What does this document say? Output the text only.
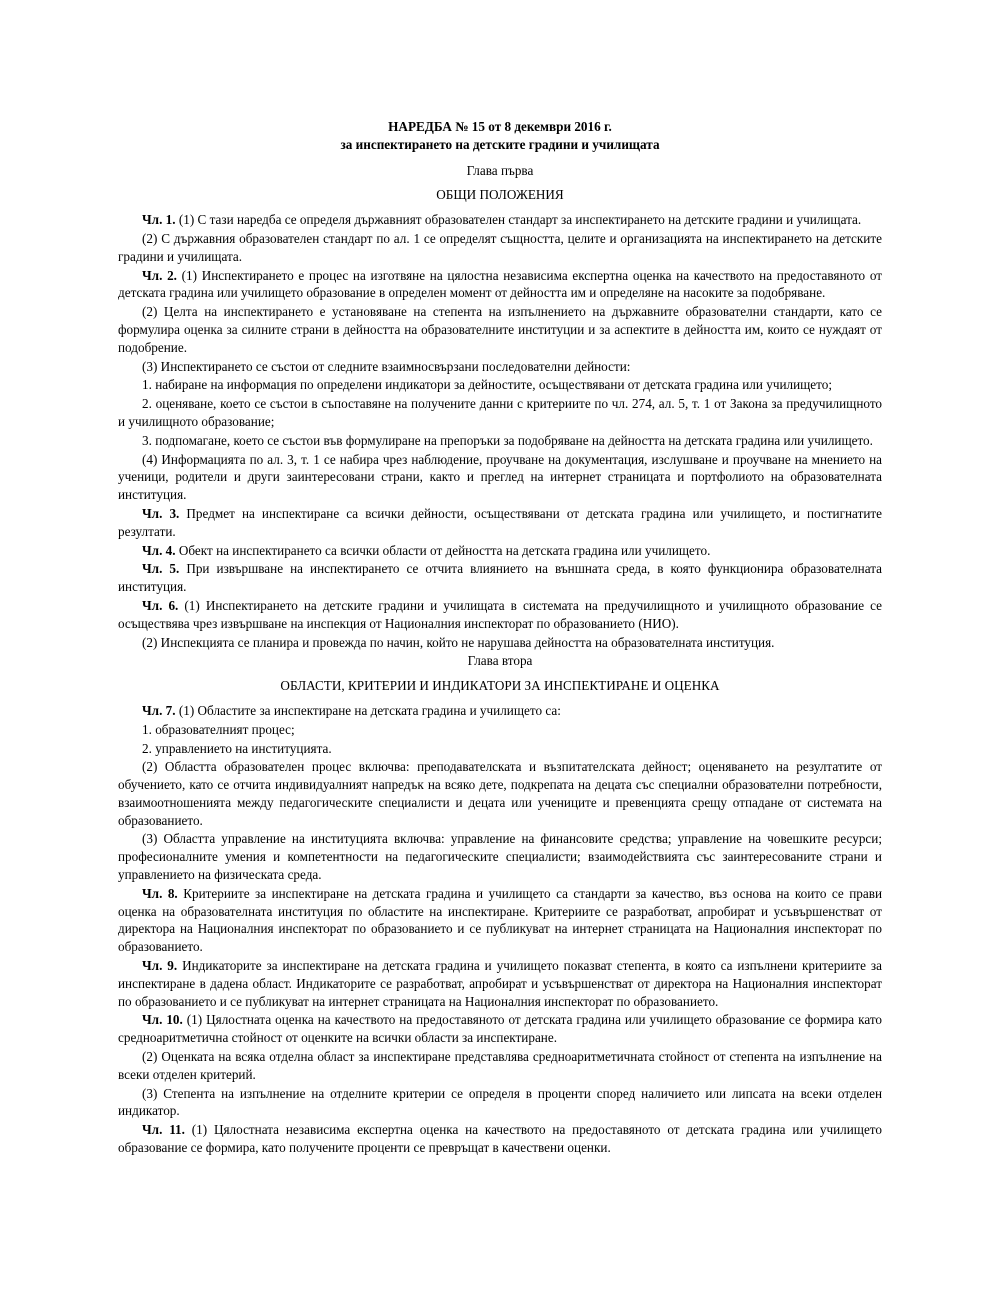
НАРЕДБА № 15 от 8 декември 2016 г.

за инспектирането на детските градини и училищата

Глава първа

ОБЩИ ПОЛОЖЕНИЯ

Чл. 1. (1) С тази наредба се определя държавният образователен стандарт за инспектирането на детските градини и училищата.

(2) С държавния образователен стандарт по ал. 1 се определят същността, целите и организацията на инспектирането на детските градини и училищата.

Чл. 2. (1) Инспектирането е процес на изготвяне на цялостна независима експертна оценка на качеството на предоставяното от детската градина или училището образование в определен момент от дейността им и определяне на насоките за подобряване.

(2) Целта на инспектирането е установяване на степента на изпълнението на държавните образователни стандарти, като се формулира оценка за силните страни в дейността на образователните институции и за аспектите в дейността им, които се нуждаят от подобрение.

(3) Инспектирането се състои от следните взаимносвързани последователни дейности:

1. набиране на информация по определени индикатори за дейностите, осъществявани от детската градина или училището;

2. оценяване, което се състои в съпоставяне на получените данни с критериите по чл. 274, ал. 5, т. 1 от Закона за предучилищното и училищното образование;

3. подпомагане, което се състои във формулиране на препоръки за подобряване на дейността на детската градина или училището.

(4) Информацията по ал. 3, т. 1 се набира чрез наблюдение, проучване на документация, изслушване и проучване на мнението на ученици, родители и други заинтересовани страни, както и преглед на интернет страницата и портфолиото на образователната институция.

Чл. 3. Предмет на инспектиране са всички дейности, осъществявани от детската градина или училището, и постигнатите резултати.

Чл. 4. Обект на инспектирането са всички области от дейността на детската градина или училището.

Чл. 5. При извършване на инспектирането се отчита влиянието на външната среда, в която функционира образователната институция.

Чл. 6. (1) Инспектирането на детските градини и училищата в системата на предучилищното и училищното образование се осъществява чрез извършване на инспекция от Националния инспекторат по образованието (НИО).

(2) Инспекцията се планира и провежда по начин, който не нарушава дейността на образователната институция.

Глава втора

ОБЛАСТИ, КРИТЕРИИ И ИНДИКАТОРИ ЗА ИНСПЕКТИРАНЕ И ОЦЕНКА

Чл. 7. (1) Областите за инспектиране на детската градина и училището са:

1. образователният процес;

2. управлението на институцията.

(2) Областта образователен процес включва: преподавателската и възпитателската дейност; оценяването на резултатите от обучението, като се отчита индивидуалният напредък на всяко дете, подкрепата на децата със специални образователни потребности, взаимоотношенията между педагогическите специалисти и децата или учениците и превенцията срещу отпадане от системата на образованието.

(3) Областта управление на институцията включва: управление на финансовите средства; управление на човешките ресурси; професионалните умения и компетентности на педагогическите специалисти; взаимодействията със заинтересованите страни и управлението на физическата среда.

Чл. 8. Критериите за инспектиране на детската градина и училището са стандарти за качество, въз основа на които се прави оценка на образователната институция по областите на инспектиране. Критериите се разработват, апробират и усъвършенстват от директора на Националния инспекторат по образованието и се публикуват на интернет страницата на Националния инспекторат по образованието.

Чл. 9. Индикаторите за инспектиране на детската градина и училището показват степента, в която са изпълнени критериите за инспектиране в дадена област. Индикаторите се разработват, апробират и усъвършенстват от директора на Националния инспекторат по образованието и се публикуват на интернет страницата на Националния инспекторат по образованието.

Чл. 10. (1) Цялостната оценка на качеството на предоставяното от детската градина или училището образование се формира като средноаритметична стойност от оценките на всички области за инспектиране.

(2) Оценката на всяка отделна област за инспектиране представлява средноаритметичната стойност от степента на изпълнение на всеки отделен критерий.

(3) Степента на изпълнение на отделните критерии се определя в проценти според наличието или липсата на всеки отделен индикатор.

Чл. 11. (1) Цялостната независима експертна оценка на качеството на предоставяното от детската градина или училището образование се формира, като получените проценти се превръщат в качествени оценки.
